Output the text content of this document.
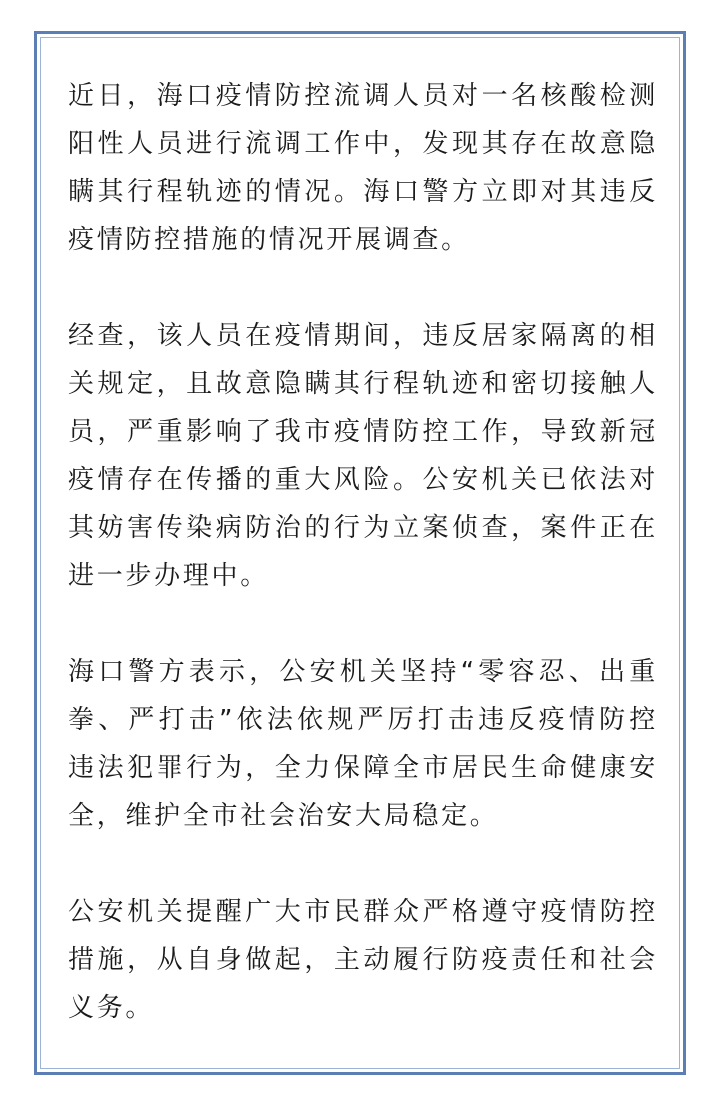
近日，海口疫情防控流调人员对一名核酸检测阳性人员进行流调工作中，发现其存在故意隐瞒其行程轨迹的情况。海口警方立即对其违反疫情防控措施的情况开展调查。

经查，该人员在疫情期间，违反居家隔离的相关规定，且故意隐瞒其行程轨迹和密切接触人员，严重影响了我市疫情防控工作，导致新冠疫情存在传播的重大风险。公安机关已依法对其妨害传染病防治的行为立案侦查，案件正在进一步办理中。

海口警方表示，公安机关坚持“零容忍、出重拳、严打击”依法依规严厉打击违反疫情防控违法犯罪行为，全力保障全市居民生命健康安全，维护全市社会治安大局稳定。

公安机关提醒广大市民群众严格遵守疫情防控措施，从自身做起，主动履行防疫责任和社会义务。
